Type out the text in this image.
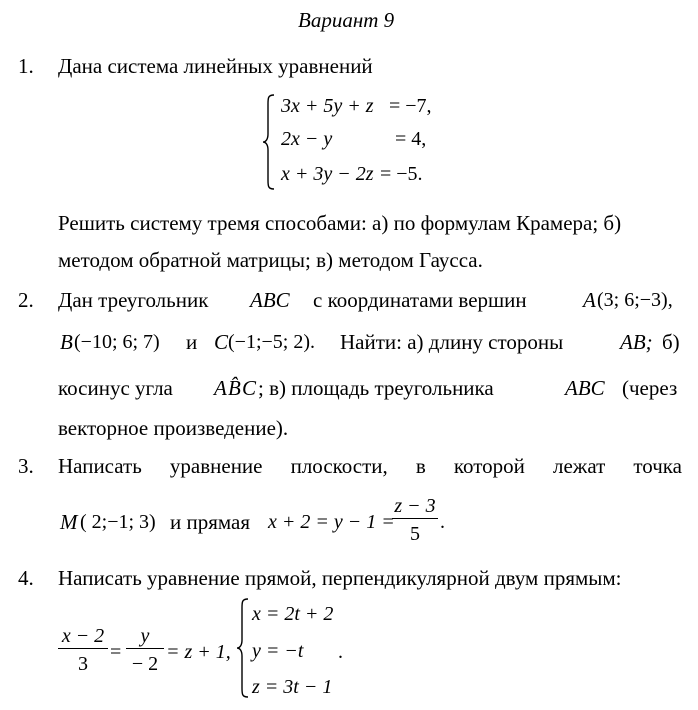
Вариант 9
1. Дана система линейных уравнений
3x + 5y + z = −7,
2x − y	= 4,
x + 3y − 2z = −5.
Решить систему тремя способами: а) по формулам Крамера; б)
методом обратной матрицы; в) методом Гаусса.
2. Дан треугольник ABC с координатами вершин	A (3; 6;−3),
B (−10; 6; 7) и C (−1;−5; 2). Найти: а) длину стороны	AB; б)
косинус угла A B̂ C ; в) площадь треугольника	ABC (через
векторное произведение).
3. Написать уравнение плоскости, в которой лежат точка
M ( 2;−1; 3) и прямая x + 2 = y − 1 =
$\frac{z - 3}{5}$ .
4. Написать уравнение прямой, перпендикулярной двум прямым:
$\frac{x - 2}{3} = \frac{y}{- 2} = z + 1$,
x = 2t + 2
y = −t
z = 3t − 1
.
